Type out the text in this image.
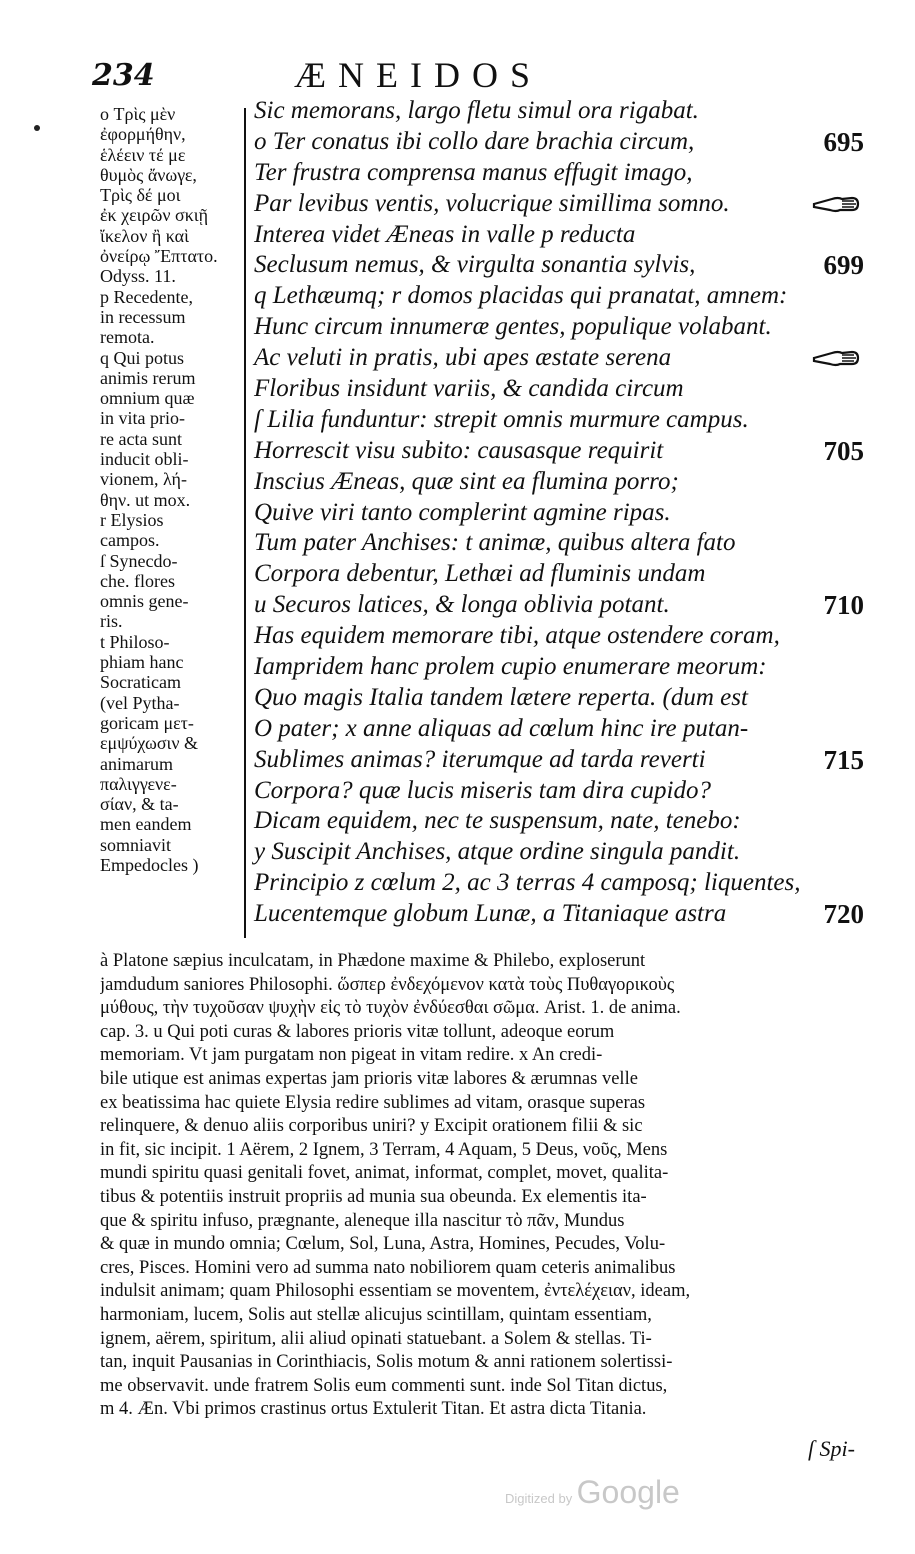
234	ÆNEIDOS
o Τρὶς μὲν
ἐφορμήθην,
ἑλέειν τέ με
θυμὸς ἄνωγε,
Τρὶς δέ μοι
ἐκ χειρῶν σκιῇ
ἴκελον ἢ καὶ
ὀνείρῳ Ἔπτατο.
Odyss. 11.
p Recedente,
in recessum
remota.
q Qui potus
animis rerum
omnium quæ
in vita prio-
re acta sunt
inducit obli-
vionem, λή-
θην. ut mox.
r Elysios
campos.
ſ Synecdo-
che. flores
omnis gene-
ris.
t Philoso-
phiam hanc
Socraticam
(vel Pytha-
goricam μετ-
εμψύχωσιν &
animarum
παλιγγενε-
σίαν, & ta-
men eandem
somniavit
Empedocles )
Sic memorans, largo fletu simul ora rigabat.
o Ter conatus ibi collo dare brachia circum,	695
Ter frustra comprensa manus effugit imago,
Par levibus ventis, volucrique simillima somno.
Interea videt Æneas in valle p reducta
Seclusum nemus, & virgulta sonantia sylvis,	699
q Lethæumq; r domos placidas qui pranatat, amnem:
Hunc circum innumeræ gentes, populique volabant.
Ac veluti in pratis, ubi apes æstate serena
Floribus insidunt variis, & candida circum
ſ Lilia funduntur: strepit omnis murmure campus.
Horrescit visu subito: causasque requirit	705
Inscius Æneas, quæ sint ea flumina porro;
Quive viri tanto complerint agmine ripas.
Tum pater Anchises: t animæ, quibus altera fato
Corpora debentur, Lethæi ad fluminis undam
u Securos latices, & longa oblivia potant.	710
Has equidem memorare tibi, atque ostendere coram,
Iampridem hanc prolem cupio enumerare meorum:
Quo magis Italia tandem lætere reperta. (dum est
O pater; x anne aliquas ad cœlum hinc ire putan-
Sublimes animas? iterumque ad tarda reverti	715
Corpora? quæ lucis miseris tam dira cupido?
Dicam equidem, nec te suspensum, nate, tenebo:
y Suscipit Anchises, atque ordine singula pandit.
Principio z cœlum 2, ac 3 terras 4 camposq; liquentes,
Lucentemque globum Lunæ, a Titaniaque astra	720
à Platone sæpius inculcatam, in Phædone maxime & Philebo, exploserunt
jamdudum saniores Philosophi. ὥσπερ ἐνδεχόμενον κατὰ τοὺς Πυθαγορικοὺς
μύθους, τὴν τυχοῦσαν ψυχὴν εἰς τὸ τυχὸν ἐνδύεσθαι σῶμα. Arist. 1. de anima.
cap. 3. u Qui poti curas & labores prioris vitæ tollunt, adeoque eorum
memoriam. Vt jam purgatam non pigeat in vitam redire. x An credi-
bile utique est animas expertas jam prioris vitæ labores & ærumnas velle
ex beatissima hac quiete Elysia redire sublimes ad vitam, orasque superas
relinquere, & denuo aliis corporibus uniri? y Excipit orationem filii & sic
in fit, sic incipit. 1 Aërem, 2 Ignem, 3 Terram, 4 Aquam, 5 Deus, νοῦς, Mens
mundi spiritu quasi genitali fovet, animat, informat, complet, movet, qualita-
tibus & potentiis instruit propriis ad munia sua obeunda. Ex elementis ita-
que & spiritu infuso, prægnante, aleneque illa nascitur τὸ πᾶν, Mundus
& quæ in mundo omnia; Cœlum, Sol, Luna, Astra, Homines, Pecudes, Volu-
cres, Pisces. Homini vero ad summa nato nobiliorem quam ceteris animalibus
indulsit animam; quam Philosophi essentiam se moventem, ἐντελέχειαν, ideam,
harmoniam, lucem, Solis aut stellæ alicujus scintillam, quintam essentiam,
ignem, aërem, spiritum, alii aliud opinati statuebant. a Solem & stellas. Ti-
tan, inquit Pausanias in Corinthiacis, Solis motum & anni rationem solertissi-
me observavit. unde fratrem Solis eum commenti sunt. inde Sol Titan dictus,
m 4. Æn. Vbi primos crastinus ortus Extulerit Titan. Et astra dicta Titania.
ſ Spi-
Digitized by Google
